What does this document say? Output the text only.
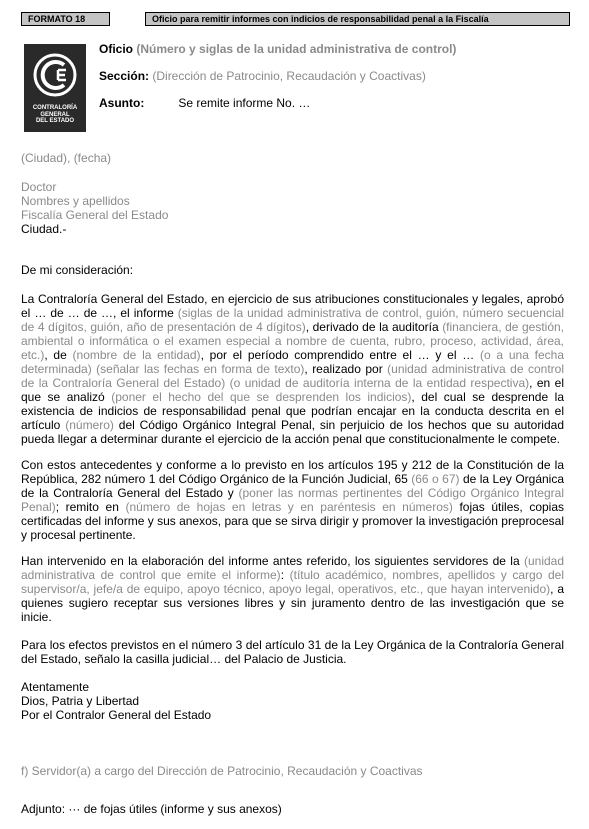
FORMATO 18	Oficio para remitir informes con indicios de responsabilidad penal a la Fiscalía
CONTRALORÍA
GENERAL
DEL ESTADO
Oficio (Número y siglas de la unidad administrativa de control)
Sección: (Dirección de Patrocinio, Recaudación y Coactivas)
Asunto:	Se remite informe No. …
(Ciudad), (fecha)
Doctor
Nombres y apellidos
Fiscalía General del Estado
Ciudad.-
De mi consideración:
La Contraloría General del Estado, en ejercicio de sus atribuciones constitucionales y legales, aprobó el … de … de …, el informe (siglas de la unidad administrativa de control, guión, número secuencial de 4 dígitos, guión, año de presentación de 4 dígitos), derivado de la auditoría (financiera, de gestión, ambiental o informática o el examen especial a nombre de cuenta, rubro, proceso, actividad, área, etc.), de (nombre de la entidad), por el período comprendido entre el … y el … (o a una fecha determinada) (señalar las fechas en forma de texto), realizado por (unidad administrativa de control de la Contraloría General del Estado) (o unidad de auditoría interna de la entidad respectiva), en el que se analizó (poner el hecho del que se desprenden los indicios), del cual se desprende la existencia de indicios de responsabilidad penal que podrían encajar en la conducta descrita en el artículo (número) del Código Orgánico Integral Penal, sin perjuicio de los hechos que su autoridad pueda llegar a determinar durante el ejercicio de la acción penal que constitucionalmente le compete.
Con estos antecedentes y conforme a lo previsto en los artículos 195 y 212 de la Constitución de la República, 282 número 1 del Código Orgánico de la Función Judicial, 65 (66 o 67) de la Ley Orgánica de la Contraloría General del Estado y (poner las normas pertinentes del Código Orgánico Integral Penal); remito en (número de hojas en letras y en paréntesis en números) fojas útiles, copias certificadas del informe y sus anexos, para que se sirva dirigir y promover la investigación preprocesal y procesal pertinente.
Han intervenido en la elaboración del informe antes referido, los siguientes servidores de la (unidad administrativa de control que emite el informe): (título académico, nombres, apellidos y cargo del supervisor/a, jefe/a de equipo, apoyo técnico, apoyo legal, operativos, etc., que hayan intervenido), a quienes sugiero receptar sus versiones libres y sin juramento dentro de las investigación que se inicie.
Para los efectos previstos en el número 3 del artículo 31 de la Ley Orgánica de la Contraloría General del Estado, señalo la casilla judicial… del Palacio de Justicia.
Atentamente
Dios, Patria y Libertad
Por el Contralor General del Estado
f) Servidor(a) a cargo del Dirección de Patrocinio, Recaudación y Coactivas
Adjunto: ··· de fojas útiles (informe y sus anexos)
